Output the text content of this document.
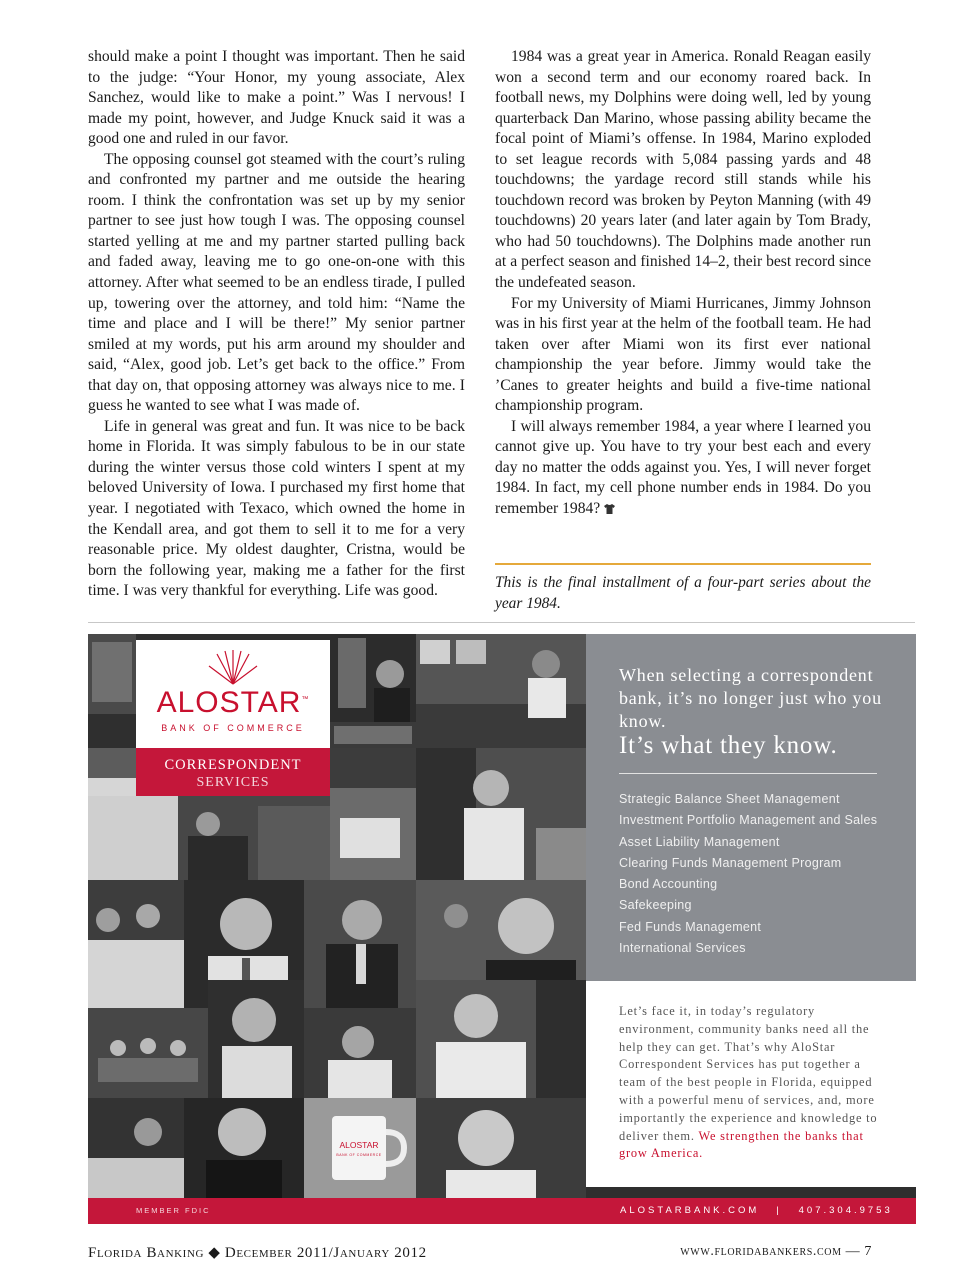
should make a point I thought was important. Then he said to the judge: “Your Honor, my young associate, Alex Sanchez, would like to make a point.” Was I nervous! I made my point, however, and Judge Knuck said it was a good one and ruled in our favor.

The opposing counsel got steamed with the court’s ruling and confronted my partner and me outside the hearing room. I think the confrontation was set up by my senior partner to see just how tough I was. The opposing counsel started yelling at me and my partner started pulling back and faded away, leaving me to go one-on-one with this attorney. After what seemed to be an endless tirade, I pulled up, towering over the attorney, and told him: “Name the time and place and I will be there!” My senior partner smiled at my words, put his arm around my shoulder and said, “Alex, good job. Let’s get back to the office.” From that day on, that opposing attorney was always nice to me. I guess he wanted to see what I was made of.

Life in general was great and fun. It was nice to be back home in Florida. It was simply fabulous to be in our state during the winter versus those cold winters I spent at my beloved University of Iowa. I purchased my first home that year. I negotiated with Texaco, which owned the home in the Kendall area, and got them to sell it to me for a very reasonable price. My oldest daughter, Cristna, would be born the following year, making me a father for the first time. I was very thankful for everything. Life was good.

1984 was a great year in America. Ronald Reagan easily won a second term and our economy roared back. In football news, my Dolphins were doing well, led by young quarterback Dan Marino, whose passing ability became the focal point of Miami’s offense. In 1984, Marino exploded to set league records with 5,084 passing yards and 48 touchdowns; the yardage record still stands while his touchdown record was broken by Peyton Manning (with 49 touchdowns) 20 years later (and later again by Tom Brady, who had 50 touchdowns). The Dolphins made another run at a perfect season and finished 14–2, their best record since the undefeated season.

For my University of Miami Hurricanes, Jimmy Johnson was in his first year at the helm of the football team. He had taken over after Miami won its first ever national championship the year before. Jimmy would take the ’Canes to greater heights and build a five-time national championship program.

I will always remember 1984, a year where I learned you cannot give up. You have to try your best each and every day no matter the odds against you. Yes, I will never forget 1984. In fact, my cell phone number ends in 1984. Do you remember 1984?

This is the final installment of a four-part series about the year 1984.
ALOSTAR™
BANK OF COMMERCE
CORRESPONDENT
SERVICES
ALOSTAR
BANK OF COMMERCE
When selecting a correspondent bank, it’s no longer just who you know.
It’s what they know.
Strategic Balance Sheet Management
Investment Portfolio Management and Sales
Asset Liability Management
Clearing Funds Management Program
Bond Accounting
Safekeeping
Fed Funds Management
International Services
Let’s face it, in today’s regulatory environment, community banks need all the help they can get. That’s why AloStar Correspondent Services has put together a team of the best people in Florida, equipped with a powerful menu of services, and, more importantly the experience and knowledge to deliver them. We strengthen the banks that grow America.
MEMBER FDIC	ALOSTARBANK.COM | 407.304.9753
Florida Banking ◆ December 2011/January 2012	www.floridabankers.com — 7
